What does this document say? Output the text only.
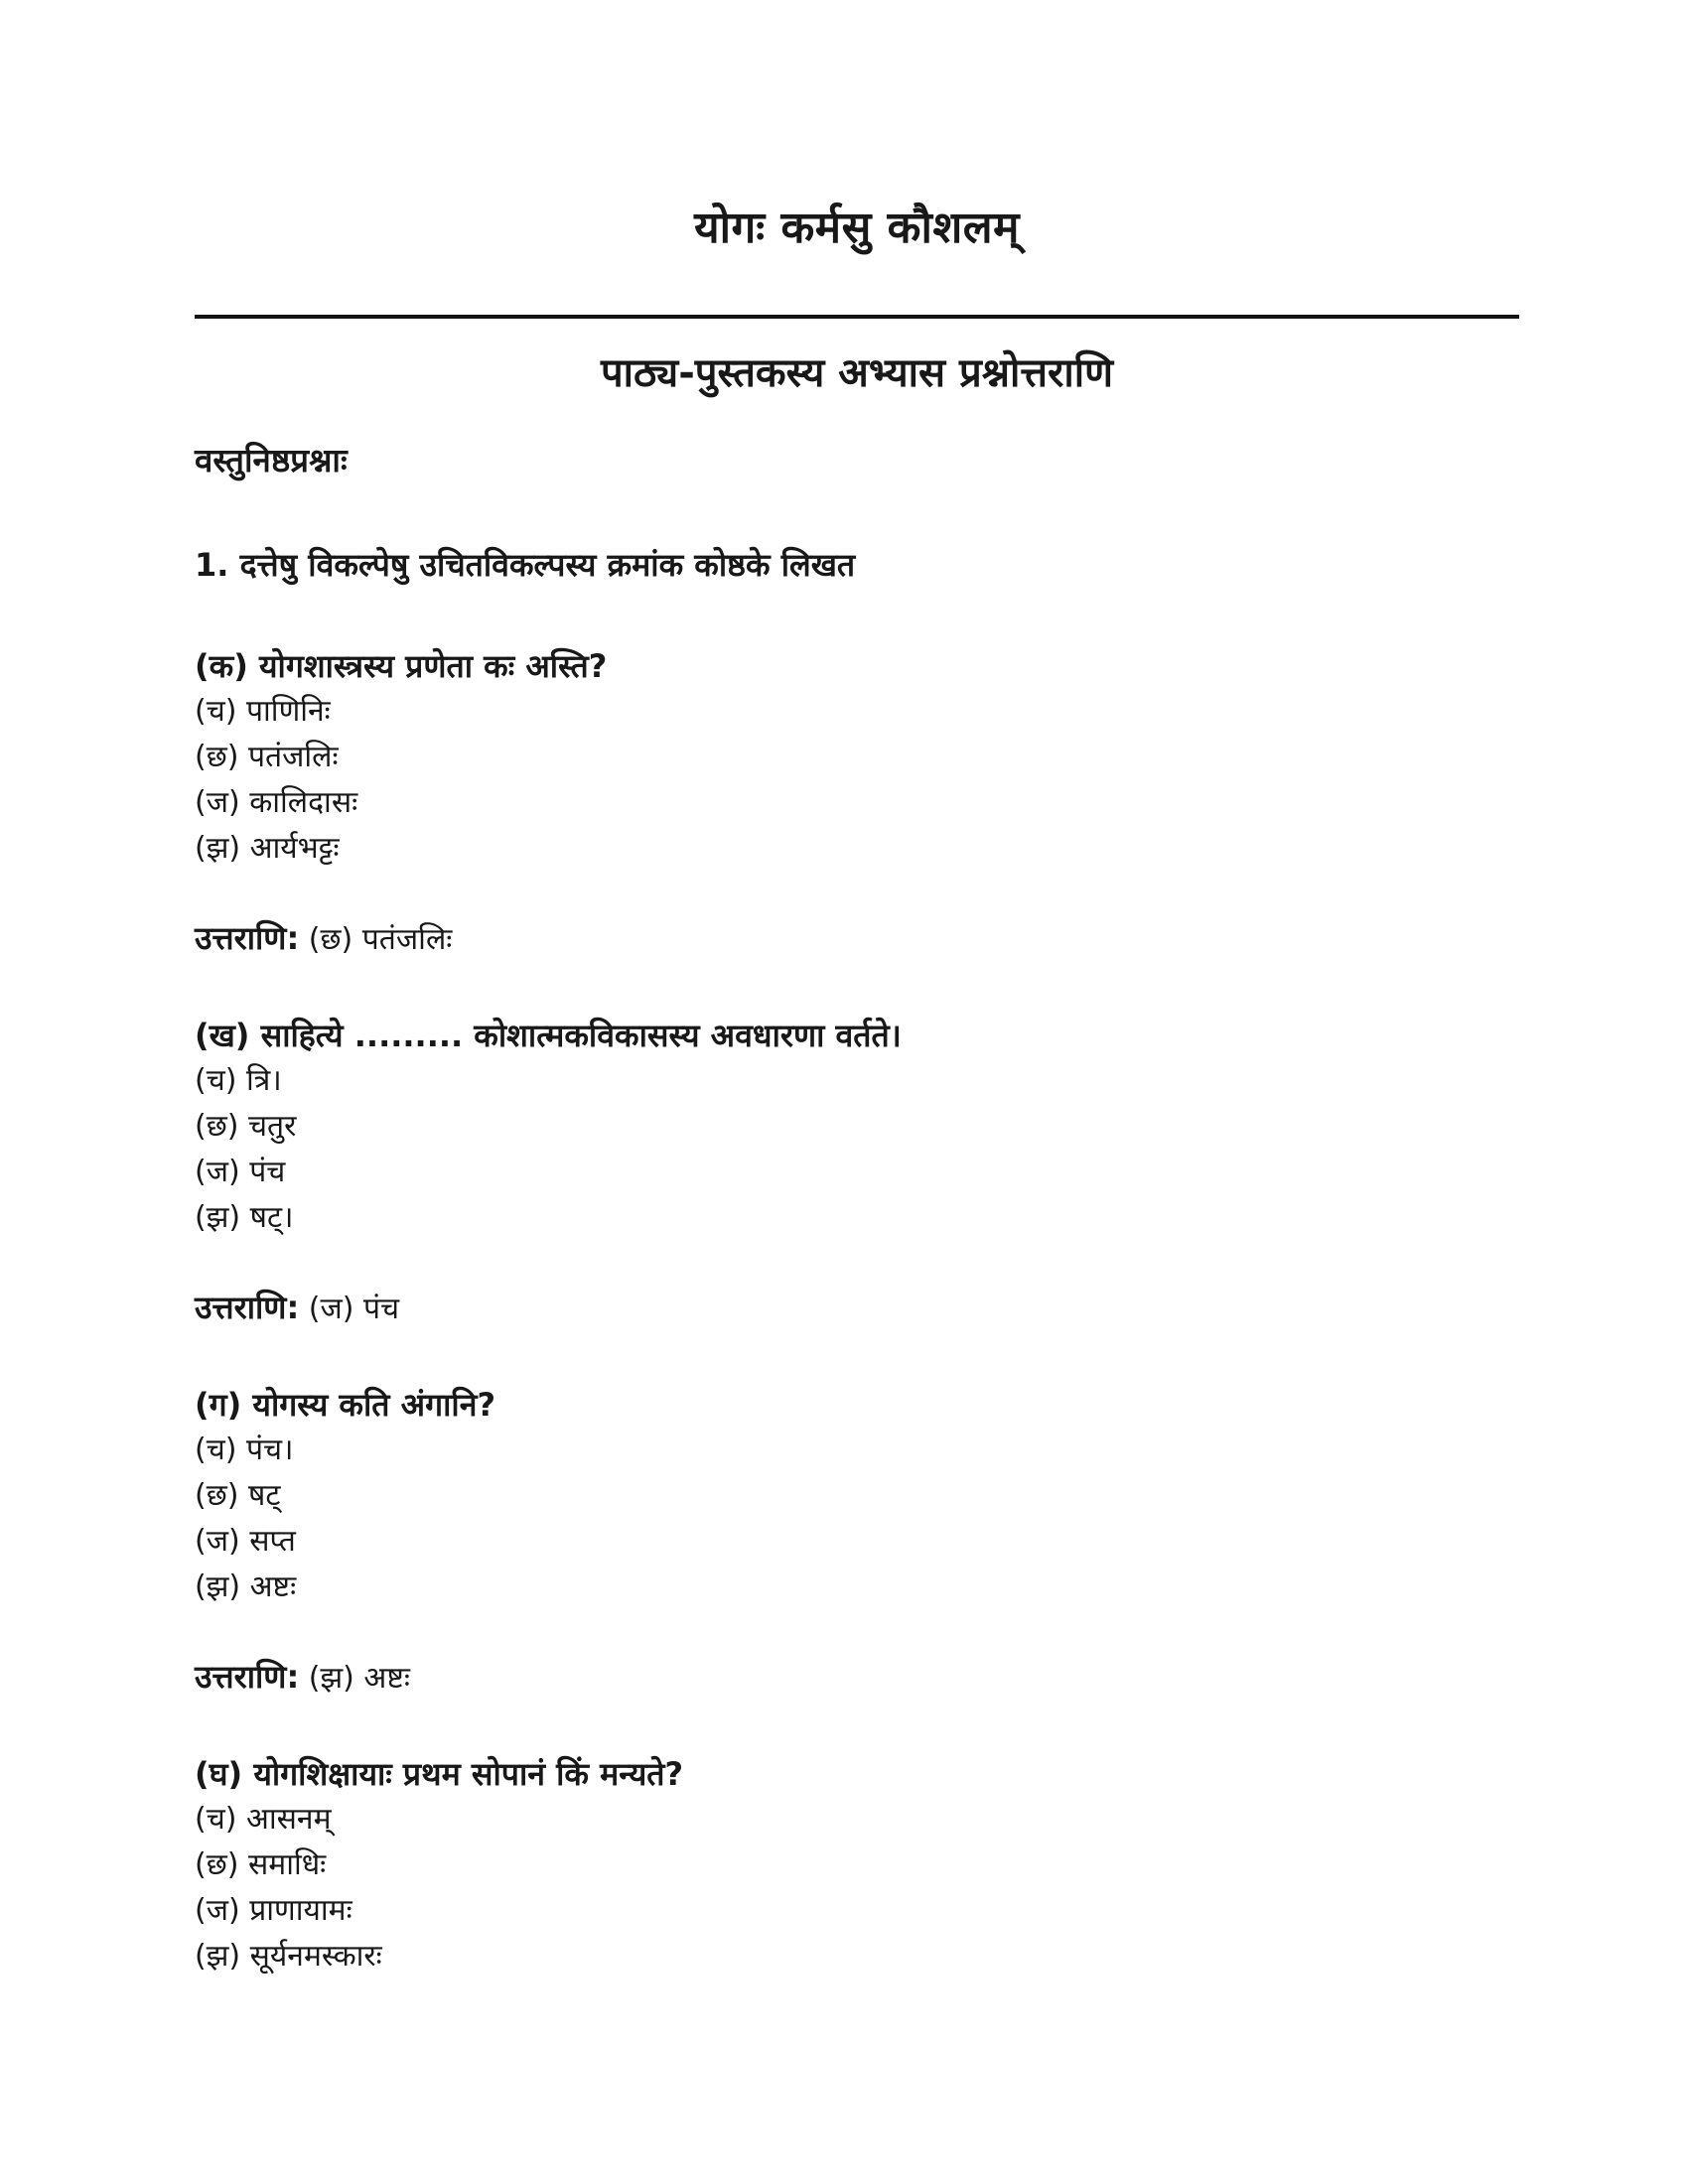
योगः कर्मसु कौशलम्
पाठ्य-पुस्तकस्य अभ्यास प्रश्नोत्तराणि
वस्तुनिष्ठप्रश्नाः

1. दत्तेषु विकल्पेषु उचितविकल्पस्य क्रमांक कोष्ठके लिखत

(क) योगशास्त्रस्य प्रणेता कः अस्ति?

(च) पाणिनिः

(छ) पतंजलिः

(ज) कालिदासः

(झ) आर्यभट्टः

उत्तराणि: (छ) पतंजलिः

(ख) साहित्ये ......... कोशात्मकविकासस्य अवधारणा वर्तते।

(च) त्रि।

(छ) चतुर

(ज) पंच

(झ) षट्।

उत्तराणि: (ज) पंच

(ग) योगस्य कति अंगानि?

(च) पंच।

(छ) षट्

(ज) सप्त

(झ) अष्टः

उत्तराणि: (झ) अष्टः

(घ) योगशिक्षायाः प्रथम सोपानं किं मन्यते?

(च) आसनम्

(छ) समाधिः

(ज) प्राणायामः

(झ) सूर्यनमस्कारः
